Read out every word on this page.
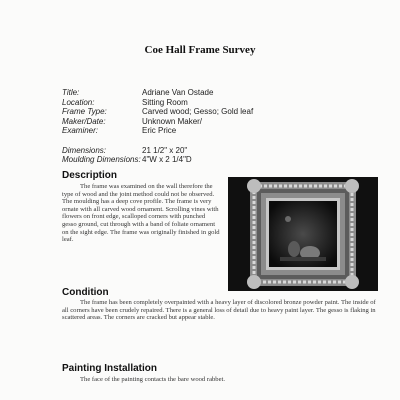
Coe Hall Frame Survey
Title:	Adriane Van Ostade
Location:	Sitting Room
Frame Type:	Carved wood; Gesso; Gold leaf
Maker/Date:	Unknown Maker/
Examiner:	Eric Price
Dimensions:	21 1/2" x 20"
Moulding Dimensions: 4"W x 2 1/4"D
Description

The frame was examined on the wall therefore the type of wood and the joint method could not be observed. The moulding has a deep cove profile. The frame is very ornate with all carved wood ornament. Scrolling vines with flowers on front edge, scalloped corners with punched gesso ground, cut through with a band of foliate ornament on the sight edge. The frame was originally finished in gold leaf.

Condition

The frame has been completely overpainted with a heavy layer of discolored bronze powder paint. The inside of all corners have been crudely repaired. There is a general loss of detail due to heavy paint layer. The gesso is flaking in scattered areas. The corners are cracked but appear stable.

Painting Installation

The face of the painting contacts the bare wood rabbet.
